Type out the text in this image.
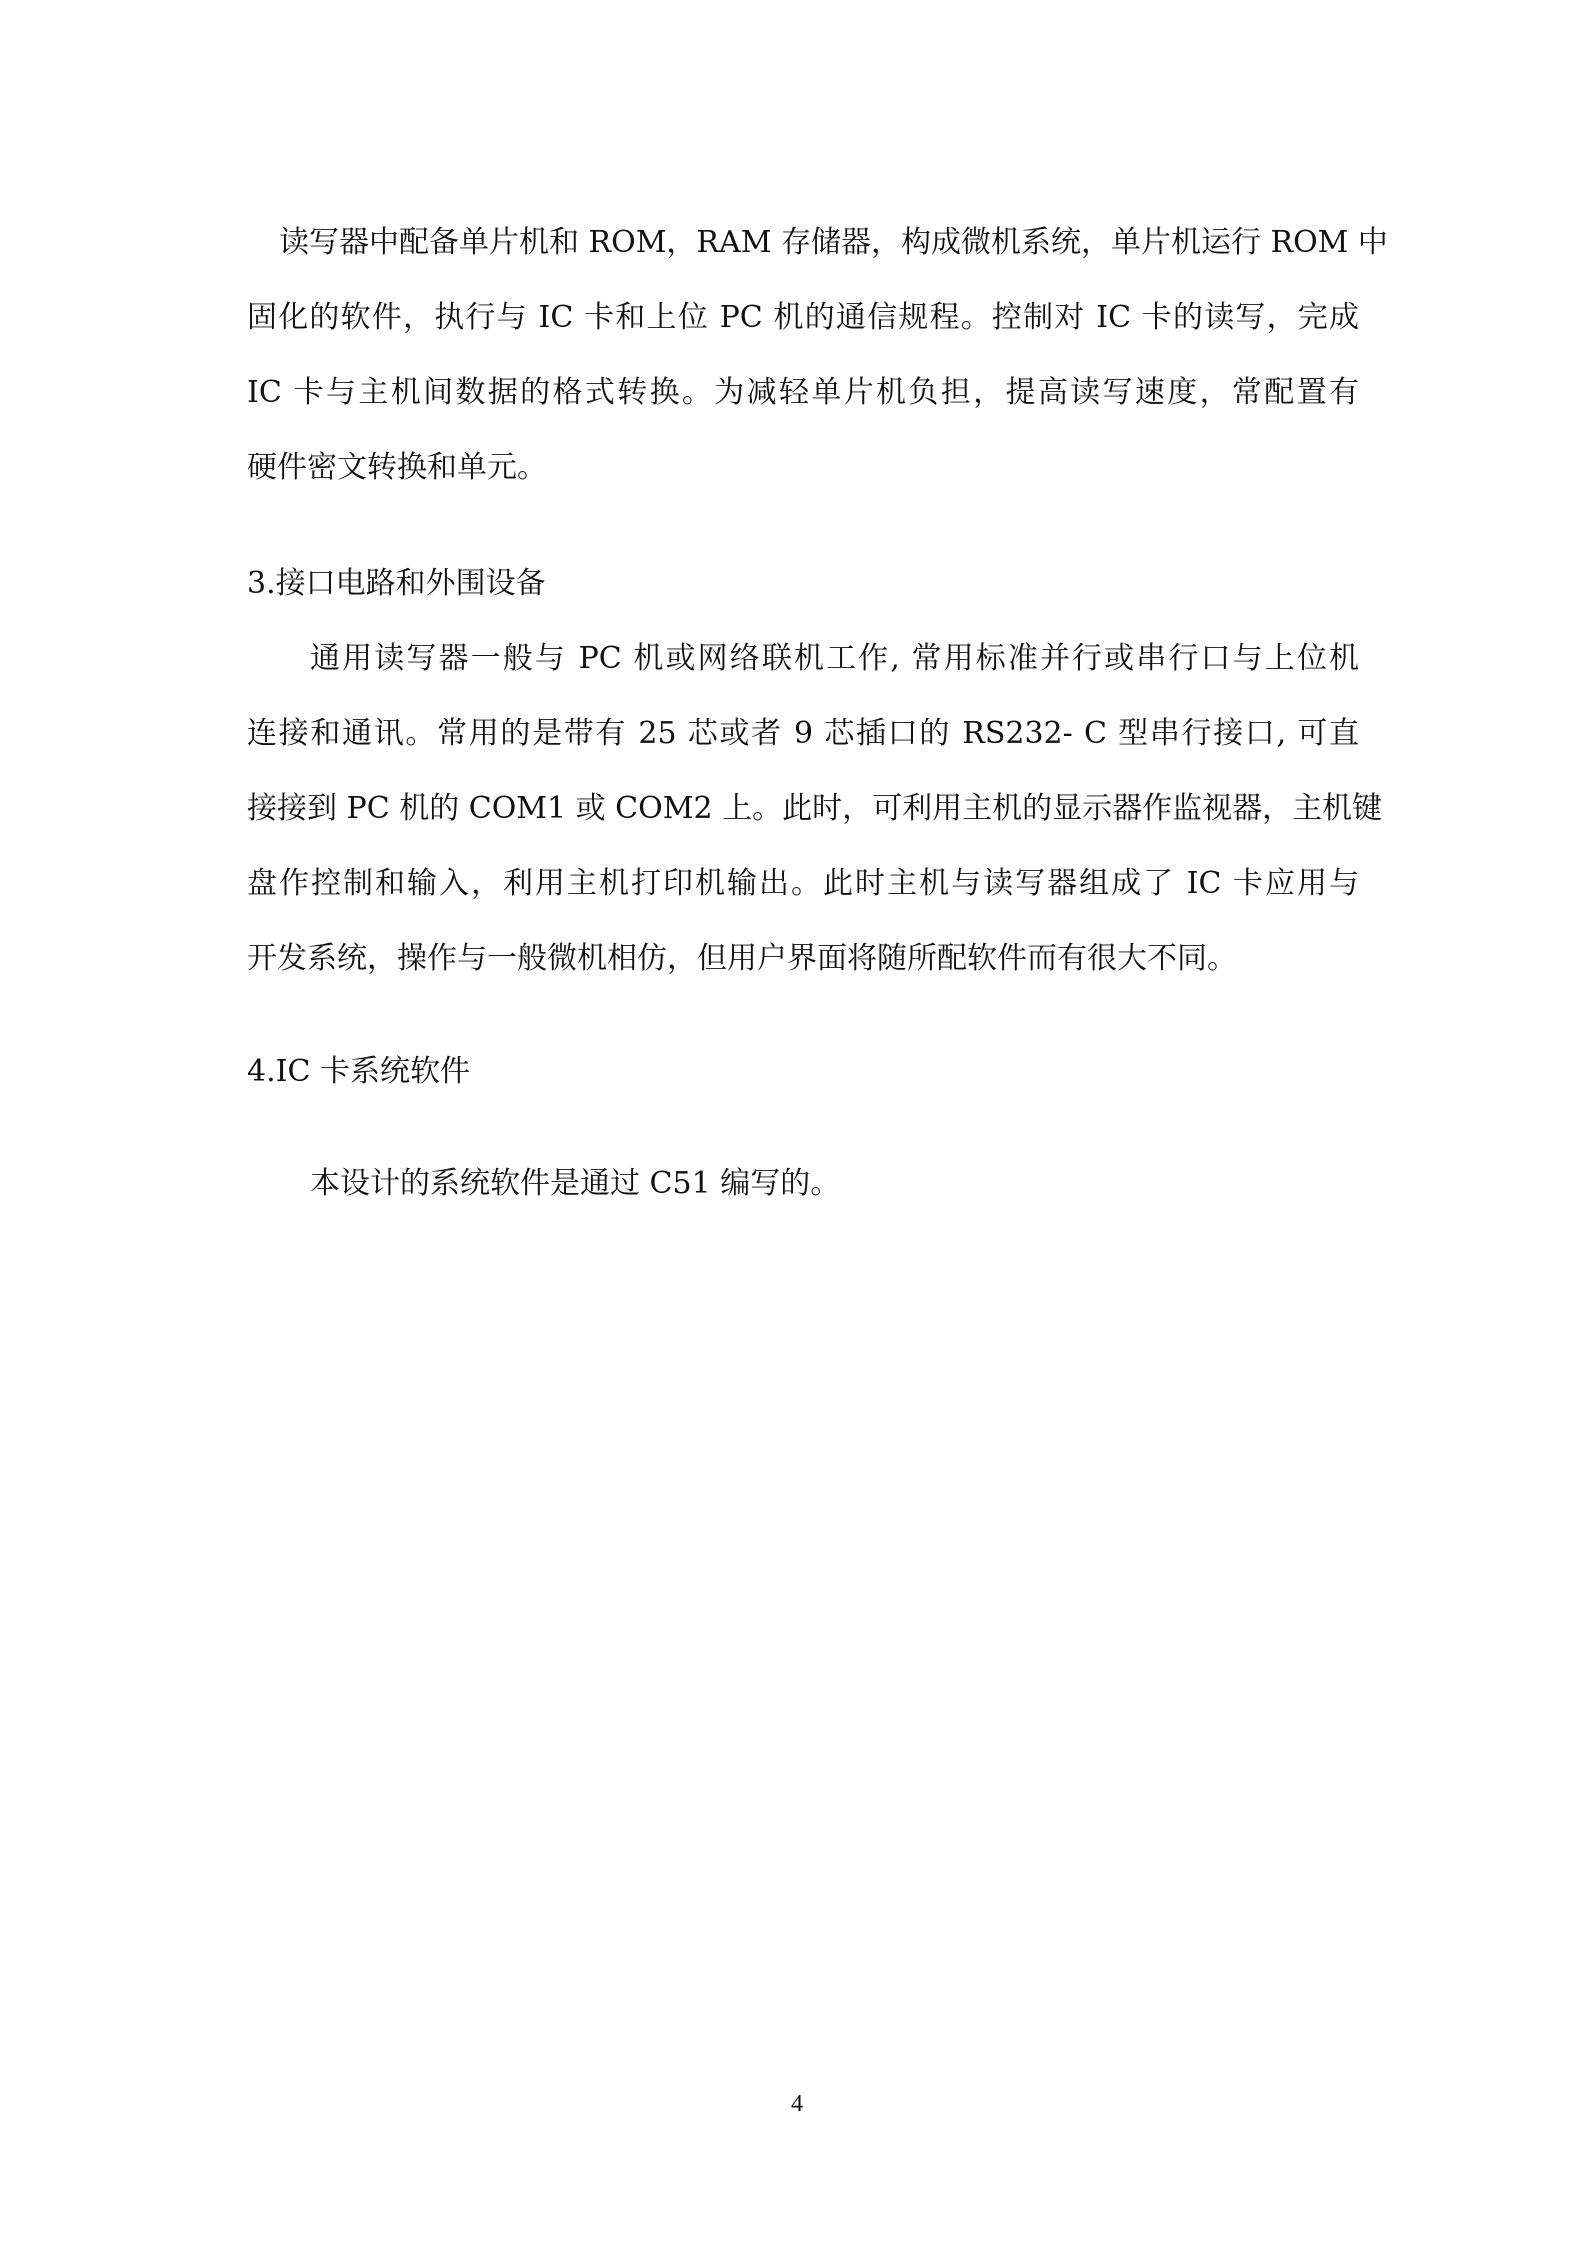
读写器中配备单片机和 ROM，RAM 存储器，构成微机系统，单片机运行 ROM 中
固化的软件，执行与 IC 卡和上位 PC 机的通信规程。控制对 IC 卡的读写，完成
IC 卡与主机间数据的格式转换。为减轻单片机负担，提高读写速度，常配置有
硬件密文转换和单元。
3.接口电路和外围设备
通用读写器一般与 PC 机或网络联机工作, 常用标准并行或串行口与上位机
连接和通讯。常用的是带有 25 芯或者 9 芯插口的 RS232- C 型串行接口, 可直
接接到 PC 机的 COM1 或 COM2 上。此时，可利用主机的显示器作监视器，主机键
盘作控制和输入，利用主机打印机输出。此时主机与读写器组成了 IC 卡应用与
开发系统，操作与一般微机相仿，但用户界面将随所配软件而有很大不同。
4.IC 卡系统软件
本设计的系统软件是通过 C51 编写的。
4
